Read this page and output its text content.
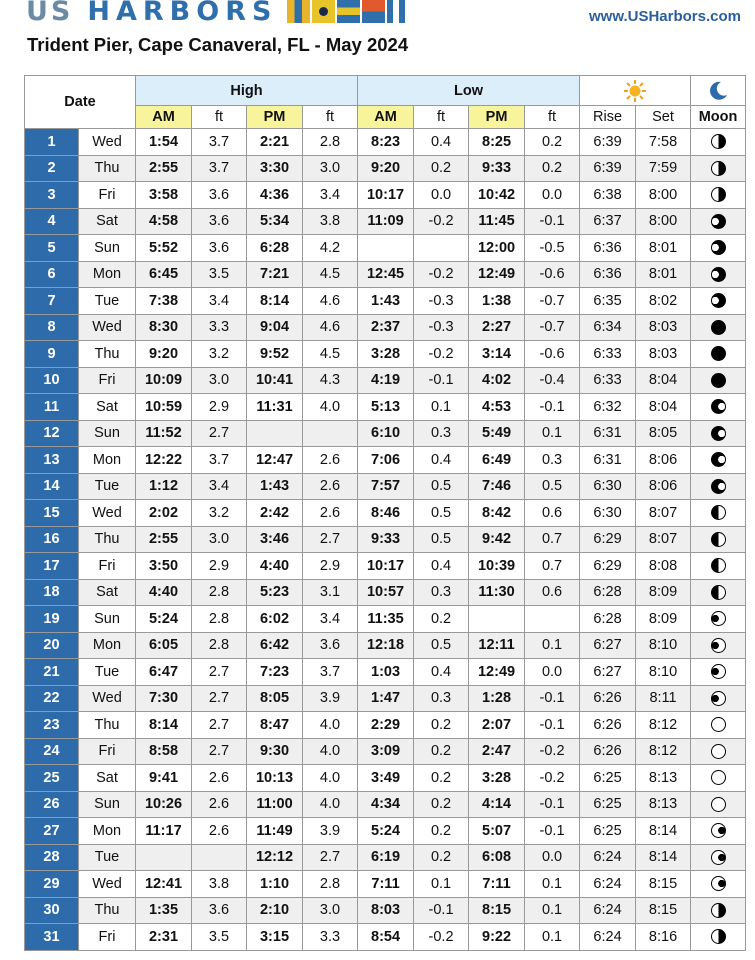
US HARBORS	www.USHarbors.com
Trident Pier, Cape Canaveral, FL - May 2024
Date		High				Low		
		AM	ft	PM	ft	AM	ft	PM	ft	Rise	Set	Moon
1	Wed	1:54	3.7	2:21	2.8	8:23	0.4	8:25	0.2	6:39	7:58	
2	Thu	2:55	3.7	3:30	3.0	9:20	0.2	9:33	0.2	6:39	7:59	
3	Fri	3:58	3.6	4:36	3.4	10:17	0.0	10:42	0.0	6:38	8:00	
4	Sat	4:58	3.6	5:34	3.8	11:09	-0.2	11:45	-0.1	6:37	8:00	
5	Sun	5:52	3.6	6:28	4.2			12:00	-0.5	6:36	8:01	
6	Mon	6:45	3.5	7:21	4.5	12:45	-0.2	12:49	-0.6	6:36	8:01	
7	Tue	7:38	3.4	8:14	4.6	1:43	-0.3	1:38	-0.7	6:35	8:02	
8	Wed	8:30	3.3	9:04	4.6	2:37	-0.3	2:27	-0.7	6:34	8:03	
9	Thu	9:20	3.2	9:52	4.5	3:28	-0.2	3:14	-0.6	6:33	8:03	
10	Fri	10:09	3.0	10:41	4.3	4:19	-0.1	4:02	-0.4	6:33	8:04	
11	Sat	10:59	2.9	11:31	4.0	5:13	0.1	4:53	-0.1	6:32	8:04	
12	Sun	11:52	2.7			6:10	0.3	5:49	0.1	6:31	8:05	
13	Mon	12:22	3.7	12:47	2.6	7:06	0.4	6:49	0.3	6:31	8:06	
14	Tue	1:12	3.4	1:43	2.6	7:57	0.5	7:46	0.5	6:30	8:06	
15	Wed	2:02	3.2	2:42	2.6	8:46	0.5	8:42	0.6	6:30	8:07	
16	Thu	2:55	3.0	3:46	2.7	9:33	0.5	9:42	0.7	6:29	8:07	
17	Fri	3:50	2.9	4:40	2.9	10:17	0.4	10:39	0.7	6:29	8:08	
18	Sat	4:40	2.8	5:23	3.1	10:57	0.3	11:30	0.6	6:28	8:09	
19	Sun	5:24	2.8	6:02	3.4	11:35	0.2			6:28	8:09	
20	Mon	6:05	2.8	6:42	3.6	12:18	0.5	12:11	0.1	6:27	8:10	
21	Tue	6:47	2.7	7:23	3.7	1:03	0.4	12:49	0.0	6:27	8:10	
22	Wed	7:30	2.7	8:05	3.9	1:47	0.3	1:28	-0.1	6:26	8:11	
23	Thu	8:14	2.7	8:47	4.0	2:29	0.2	2:07	-0.1	6:26	8:12	
24	Fri	8:58	2.7	9:30	4.0	3:09	0.2	2:47	-0.2	6:26	8:12	
25	Sat	9:41	2.6	10:13	4.0	3:49	0.2	3:28	-0.2	6:25	8:13	
26	Sun	10:26	2.6	11:00	4.0	4:34	0.2	4:14	-0.1	6:25	8:13	
27	Mon	11:17	2.6	11:49	3.9	5:24	0.2	5:07	-0.1	6:25	8:14	
28	Tue			12:12	2.7	6:19	0.2	6:08	0.0	6:24	8:14	
29	Wed	12:41	3.8	1:10	2.8	7:11	0.1	7:11	0.1	6:24	8:15	
30	Thu	1:35	3.6	2:10	3.0	8:03	-0.1	8:15	0.1	6:24	8:15	
31	Fri	2:31	3.5	3:15	3.3	8:54	-0.2	9:22	0.1	6:24	8:16	
